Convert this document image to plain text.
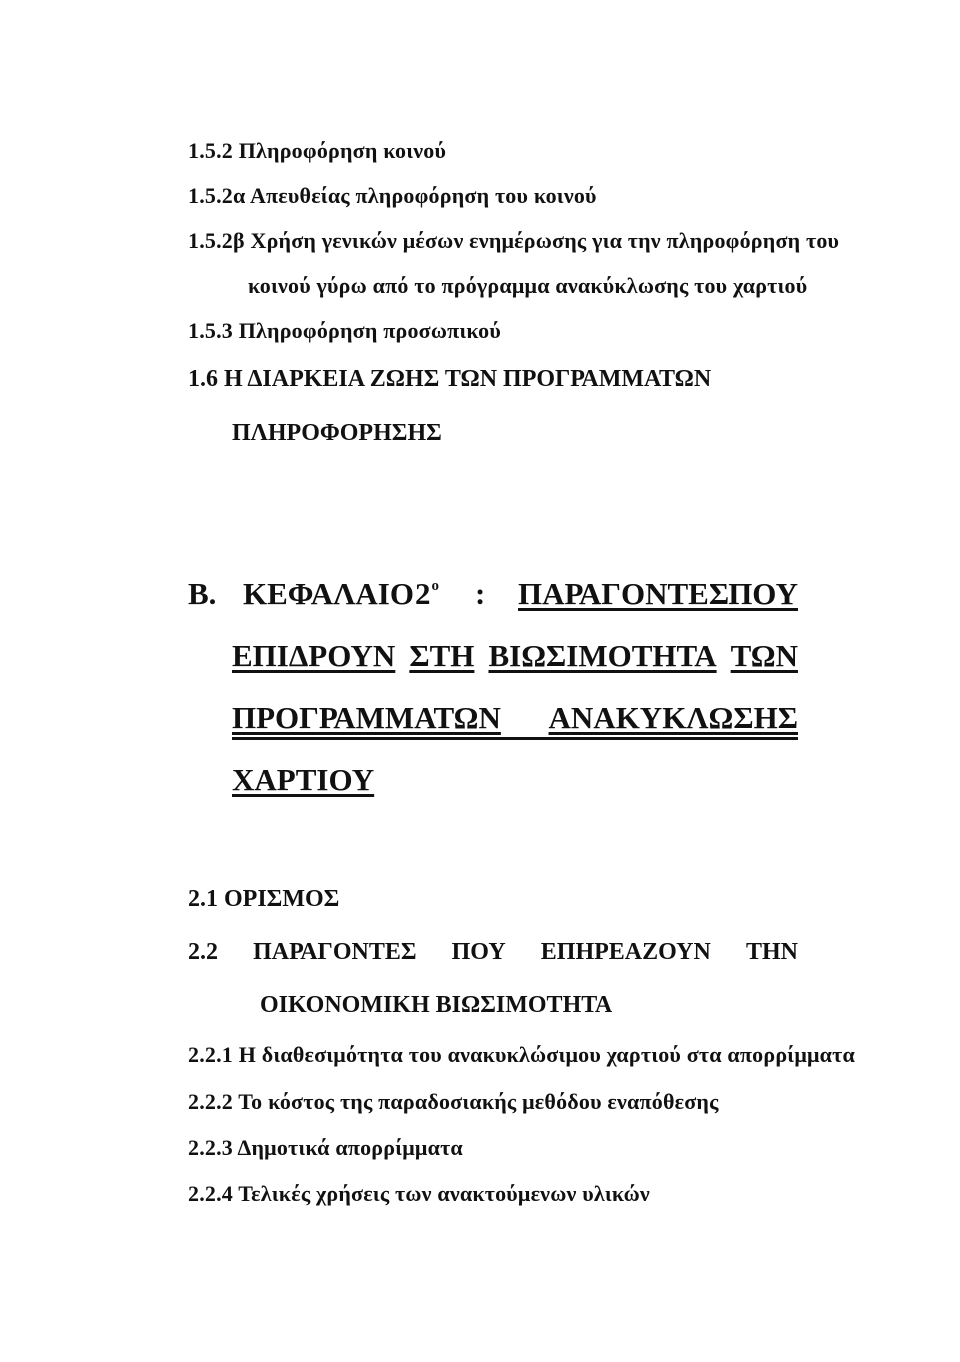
1.5.2 Πληροφόρηση κοινού
1.5.2α Απευθείας πληροφόρηση του κοινού
1.5.2β Χρήση γενικών μέσων ενημέρωσης για την πληροφόρηση του
κοινού γύρω από το πρόγραμμα ανακύκλωσης του χαρτιού
1.5.3 Πληροφόρηση προσωπικού
1.6 Η ΔΙΑΡΚΕΙΑ ΖΩΗΣ ΤΩΝ ΠΡΟΓΡΑΜΜΑΤΩΝ
ΠΛΗΡΟΦΟΡΗΣΗΣ
Β. ΚΕΦΑΛΑΙΟ $2^o$ : ΠΑΡΑΓΟΝΤΕΣ ΠΟΥ
ΕΠΙΔΡΟΥΝ ΣΤΗ ΒΙΩΣΙΜΟΤΗΤΑ ΤΩΝ
ΠΡΟΓΡΑΜΜΑΤΩΝ ΑΝΑΚΥΚΛΩΣΗΣ
ΧΑΡΤΙΟΥ
2.1 ΟΡΙΣΜΟΣ
2.2 ΠΑΡΑΓΟΝΤΕΣ ΠΟΥ ΕΠΗΡΕΑΖΟΥΝ ΤΗΝ
ΟΙΚΟΝΟΜΙΚΗ ΒΙΩΣΙΜΟΤΗΤΑ
2.2.1 Η διαθεσιμότητα του ανακυκλώσιμου χαρτιού στα απορρίμματα
2.2.2 Το κόστος της παραδοσιακής μεθόδου εναπόθεσης
2.2.3 Δημοτικά απορρίμματα
2.2.4 Τελικές χρήσεις των ανακτούμενων υλικών
